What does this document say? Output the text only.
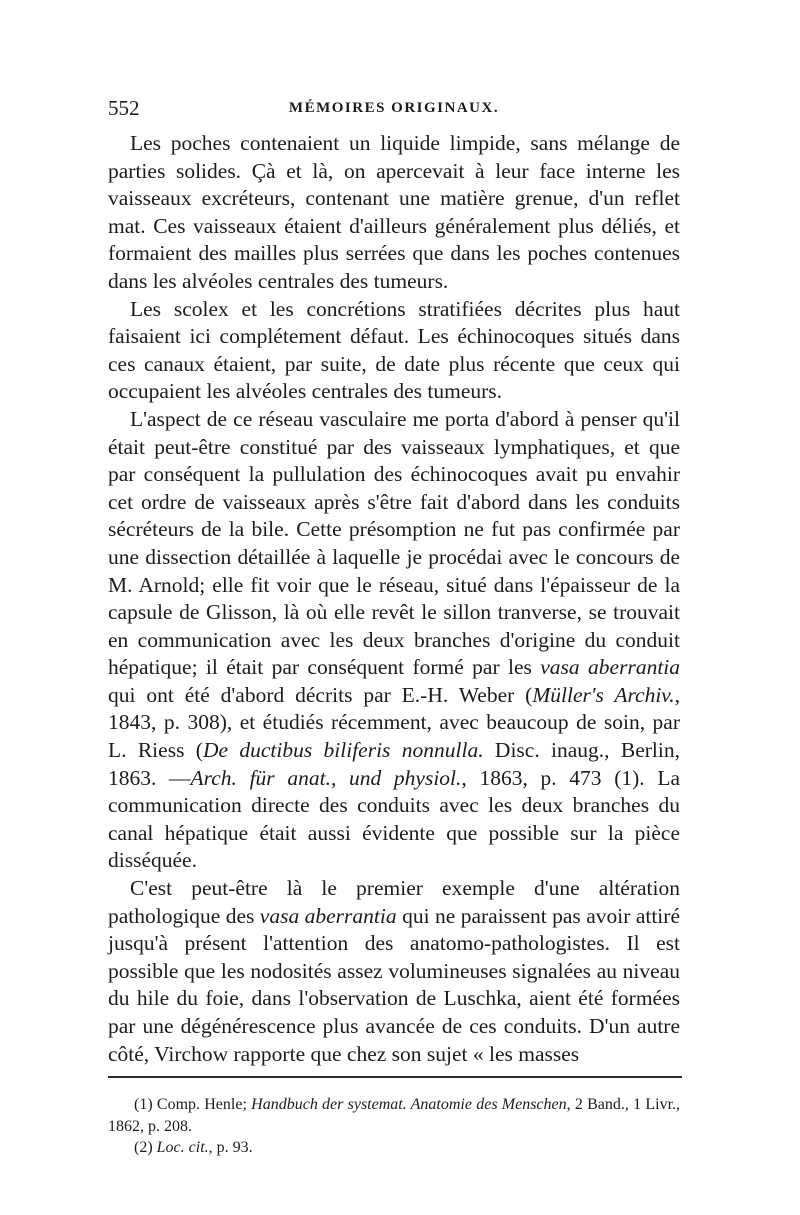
552	MÉMOIRES ORIGINAUX.

Les poches contenaient un liquide limpide, sans mélange de parties solides. Çà et là, on apercevait à leur face interne les vaisseaux excréteurs, contenant une matière grenue, d'un reflet mat. Ces vaisseaux étaient d'ailleurs généralement plus déliés, et formaient des mailles plus serrées que dans les poches contenues dans les alvéoles centrales des tumeurs.

Les scolex et les concrétions stratifiées décrites plus haut faisaient ici complétement défaut. Les échinocoques situés dans ces canaux étaient, par suite, de date plus récente que ceux qui occupaient les alvéoles centrales des tumeurs.

L'aspect de ce réseau vasculaire me porta d'abord à penser qu'il était peut-être constitué par des vaisseaux lymphatiques, et que par conséquent la pullulation des échinocoques avait pu envahir cet ordre de vaisseaux après s'être fait d'abord dans les conduits sécréteurs de la bile. Cette présomption ne fut pas confirmée par une dissection détaillée à laquelle je procédai avec le concours de M. Arnold; elle fit voir que le réseau, situé dans l'épaisseur de la capsule de Glisson, là où elle revêt le sillon tranverse, se trouvait en communication avec les deux branches d'origine du conduit hépatique; il était par conséquent formé par les vasa aberrantia qui ont été d'abord décrits par E.-H. Weber (Müller's Archiv., 1843, p. 308), et étudiés récemment, avec beaucoup de soin, par L. Riess (De ductibus biliferis nonnulla. Disc. inaug., Berlin, 1863. —Arch. für anat., und physiol., 1863, p. 473 (1). La communication directe des conduits avec les deux branches du canal hépatique était aussi évidente que possible sur la pièce disséquée.

C'est peut-être là le premier exemple d'une altération pathologique des vasa aberrantia qui ne paraissent pas avoir attiré jusqu'à présent l'attention des anatomo-pathologistes. Il est possible que les nodosités assez volumineuses signalées au niveau du hile du foie, dans l'observation de Luschka, aient été formées par une dégénérescence plus avancée de ces conduits. D'un autre côté, Virchow rapporte que chez son sujet « les masses

(1) Comp. Henle; Handbuch der systemat. Anatomie des Menschen, 2 Band., 1 Livr., 1862, p. 208.

(2) Loc. cit., p. 93.
